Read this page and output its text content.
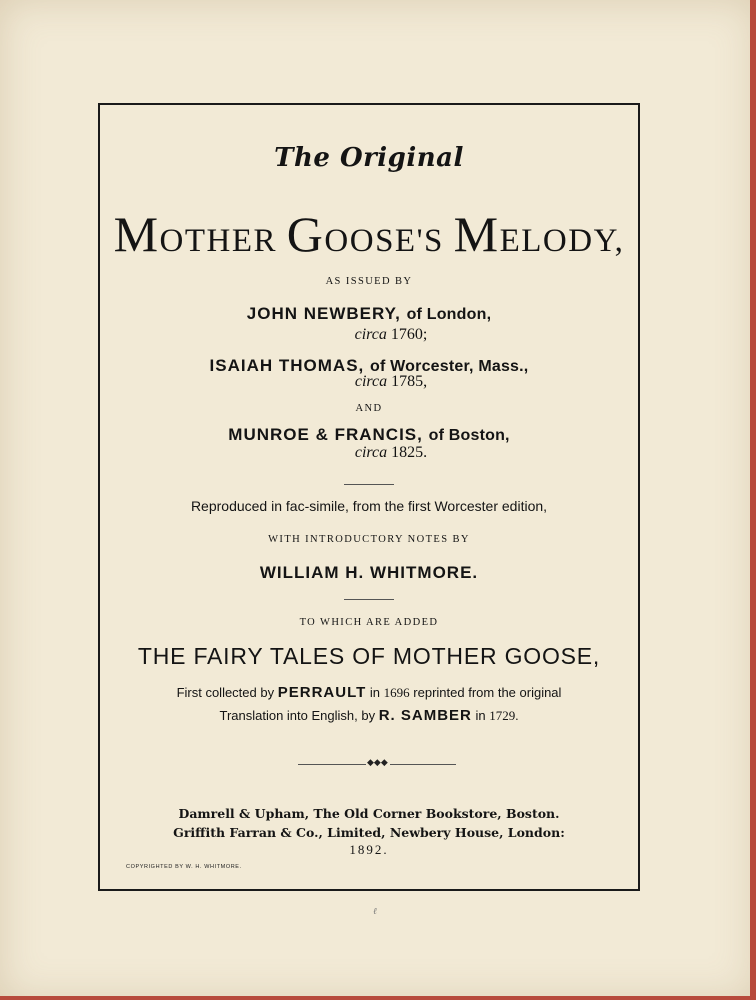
The Original
MOTHER GOOSE'S MELODY,
AS ISSUED BY
JOHN NEWBERY, of London,
circa 1760;
ISAIAH THOMAS, of Worcester, Mass.,
circa 1785,
AND
MUNROE & FRANCIS, of Boston,
circa 1825.
Reproduced in fac-simile, from the first Worcester edition,
WITH INTRODUCTORY NOTES BY
WILLIAM H. WHITMORE.
TO WHICH ARE ADDED
THE FAIRY TALES OF MOTHER GOOSE,
First collected by PERRAULT in 1696 reprinted from the original
Translation into English, by R. SAMBER in 1729.
◆◆◆
Damrell & Upham, The Old Corner Bookstore, Boston.
Griffith Farran & Co., Limited, Newbery House, London:
1892.
COPYRIGHTED BY W. H. WHITMORE.
ℓ
